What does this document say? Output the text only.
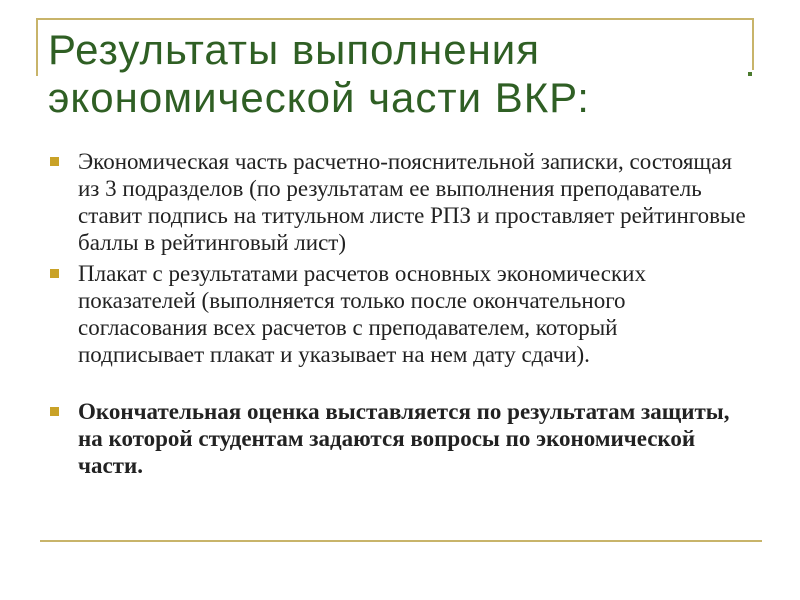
Результаты выполнения
экономической части ВКР:
Экономическая часть расчетно-пояснительной записки, состоящая из 3 подразделов (по результатам ее выполнения преподаватель ставит подпись на титульном листе РПЗ и проставляет рейтинговые баллы в рейтинговый лист)
Плакат с результатами расчетов основных экономических показателей (выполняется только после окончательного согласования всех расчетов с преподавателем, который подписывает плакат и указывает на нем дату сдачи).
Окончательная оценка выставляется по результатам защиты, на которой студентам задаются вопросы по экономической части.
